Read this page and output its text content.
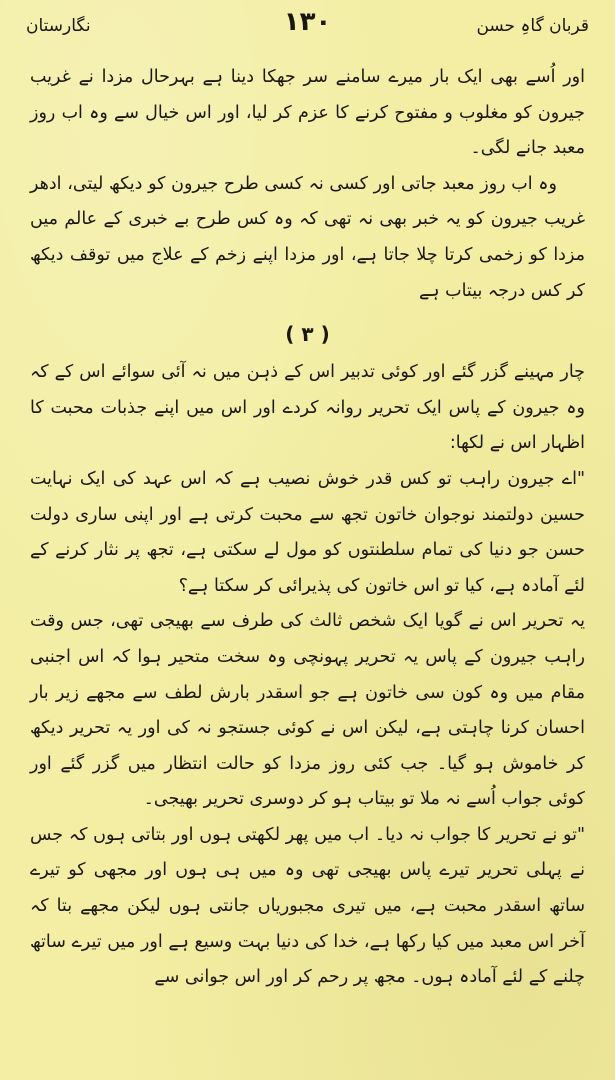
قربان گاہِ حسن
۱۳۰
نگارستان

اور اُسے بھی ایک بار میرے سامنے سر جھکا دینا ہے بہرحال مزدا نے غریب جیرون کو مغلوب و مفتوح کرنے کا عزم کر لیا، اور اس خیال سے وہ اب روز معبد جانے لگی۔

وہ اب روز معبد جاتی اور کسی نہ کسی طرح جیرون کو دیکھ لیتی، ادھر غریب جیرون کو یہ خبر بھی نہ تھی کہ وہ کس طرح بے خبری کے عالم میں مزدا کو زخمی کرتا چلا جاتا ہے، اور مزدا اپنے زخم کے علاج میں توقف دیکھ کر کس درجہ بیتاب ہے

( ۳ )

چار مہینے گزر گئے اور کوئی تدبیر اس کے ذہن میں نہ آئی سوائے اس کے کہ وہ جیرون کے پاس ایک تحریر روانہ کردے اور اس میں اپنے جذبات محبت کا اظہار اس نے لکھا:

"اے جیرون راہب تو کس قدر خوش نصیب ہے کہ اس عہد کی ایک نہایت حسین دولتمند نوجوان خاتون تجھ سے محبت کرتی ہے اور اپنی ساری دولت حسن جو دنیا کی تمام سلطنتوں کو مول لے سکتی ہے، تجھ پر نثار کرنے کے لئے آمادہ ہے، کیا تو اس خاتون کی پذیرائی کر سکتا ہے؟

یہ تحریر اس نے گویا ایک شخص ثالث کی طرف سے بھیجی تھی، جس وقت راہب جیرون کے پاس یہ تحریر پہونچی وہ سخت متحیر ہوا کہ اس اجنبی مقام میں وہ کون سی خاتون ہے جو اسقدر بارش لطف سے مجھے زیر بار احسان کرنا چاہتی ہے، لیکن اس نے کوئی جستجو نہ کی اور یہ تحریر دیکھ کر خاموش ہو گیا۔ جب کئی روز مزدا کو حالت انتظار میں گزر گئے اور کوئی جواب اُسے نہ ملا تو بیتاب ہو کر دوسری تحریر بھیجی۔

"تو نے تحریر کا جواب نہ دیا۔ اب میں پھر لکھتی ہوں اور بتاتی ہوں کہ جس نے پہلی تحریر تیرے پاس بھیجی تھی وہ میں ہی ہوں اور مجھی کو تیرے ساتھ اسقدر محبت ہے، میں تیری مجبوریاں جانتی ہوں لیکن مجھے بتا کہ آخر اس معبد میں کیا رکھا ہے، خدا کی دنیا بہت وسیع ہے اور میں تیرے ساتھ چلنے کے لئے آمادہ ہوں۔ مجھ پر رحم کر اور اس جوانی سے
